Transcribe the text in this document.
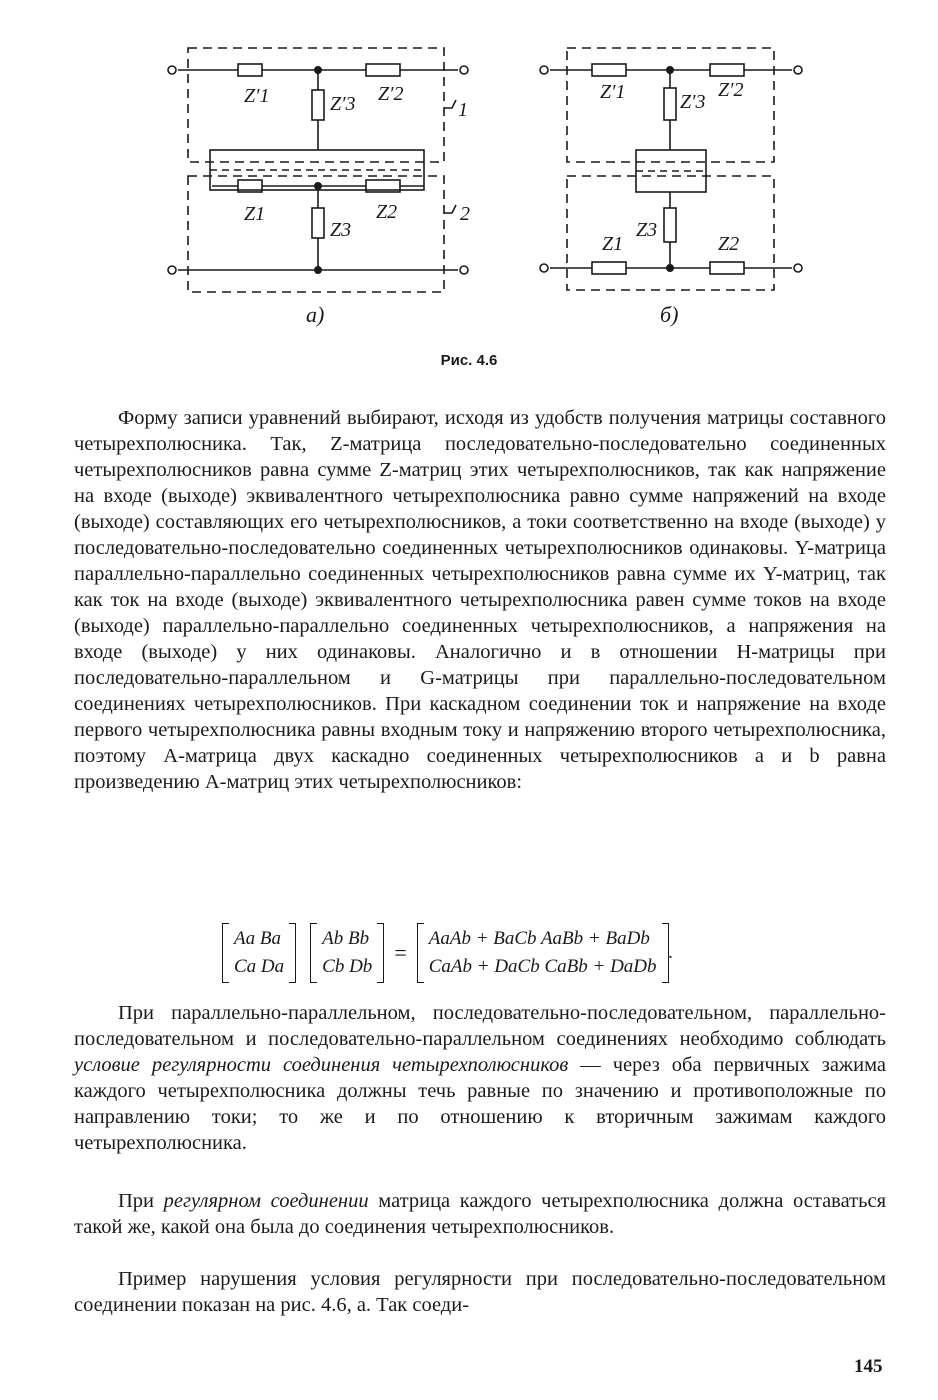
Z′1	Z′2
Z′3
Z1	Z2
Z3
1
2
а)
Z′1	Z′3
Z′2
Z1
Z3
Z2
б)
Рис. 4.6

Форму записи уравнений выбирают, исходя из удобств получения матрицы составного четырехполюсника. Так, Z-матрица последовательно-последовательно соединенных четырехполюсников равна сумме Z-матриц этих четырехполюсников, так как напряжение на входе (выходе) эквивалентного четырехполюсника равно сумме напряжений на входе (выходе) составляющих его четырехполюсников, а токи соответственно на входе (выходе) у последовательно-последовательно соединенных четырехполюсников одинаковы. Y-матрица параллельно-параллельно соединенных четырехполюсников равна сумме их Y-матриц, так как ток на входе (выходе) эквивалентного четырехполюсника равен сумме токов на входе (выходе) параллельно-параллельно соединенных четырехполюсников, а напряжения на входе (выходе) у них одинаковы. Аналогично и в отношении H-матрицы при последовательно-параллельном и G-матрицы при параллельно-последовательном соединениях четырехполюсников. При каскадном соединении ток и напряжение на входе первого четырехполюсника равны входным току и напряжению второго четырехполюсника, поэтому A-матрица двух каскадно соединенных четырехполюсников a и b равна произведению A-матриц этих четырехполюсников:

Aa Ba
Ca Da
Ab Bb
Cb Db
=
AaAb + BaCb AaBb + BaDb
CaAb + DaCb CaBb + DaDb
.

При параллельно-параллельном, последовательно-последовательном, параллельно-последовательном и последовательно-параллельном соединениях необходимо соблюдать условие регулярности соединения четырехполюсников — через оба первичных зажима каждого четырехполюсника должны течь равные по значению и противоположные по направлению токи; то же и по отношению к вторичным зажимам каждого четырехполюсника.

При регулярном соединении матрица каждого четырехполюсника должна оставаться такой же, какой она была до соединения четырехполюсников.

Пример нарушения условия регулярности при последовательно-последовательном соединении показан на рис. 4.6, а. Так соеди-

145
